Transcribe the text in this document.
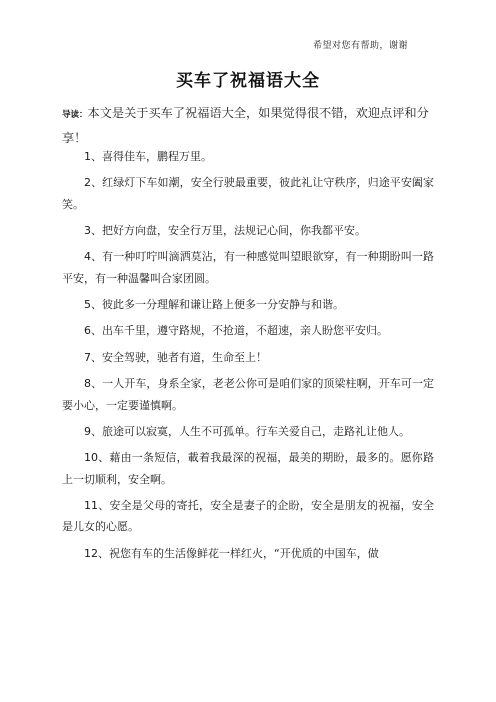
希望对您有帮助，谢谢
买车了祝福语大全
导读：本文是关于买车了祝福语大全，如果觉得很不错，欢迎点评和分享！

1、喜得佳车，鹏程万里。

2、红绿灯下车如潮，安全行驶最重要，彼此礼让守秩序，归途平安阖家笑。

3、把好方向盘，安全行万里，法规记心间，你我都平安。

4、有一种叮咛叫滴洒莫沾，有一种感觉叫望眼欲穿，有一种期盼叫一路平安，有一种温馨叫合家团圆。

5、彼此多一分理解和谦让路上便多一分安静与和谐。

6、出车千里，遵守路规，不抢道，不超速，亲人盼您平安归。

7、安全驾驶，驰者有道，生命至上！

8、一人开车，身系全家，老老公你可是咱们家的顶梁柱啊，开车可一定要小心，一定要谨慎啊。

9、旅途可以寂寞，人生不可孤单。行车关爱自己，走路礼让他人。

10、藉由一条短信，載着我最深的祝福，最美的期盼，最多的。愿你路上一切顺利，安全啊。

11、安全是父母的寄托，安全是妻子的企盼，安全是朋友的祝福，安全是儿女的心愿。

12、祝您有车的生活像鲜花一样红火，“开优质的中国车，做
